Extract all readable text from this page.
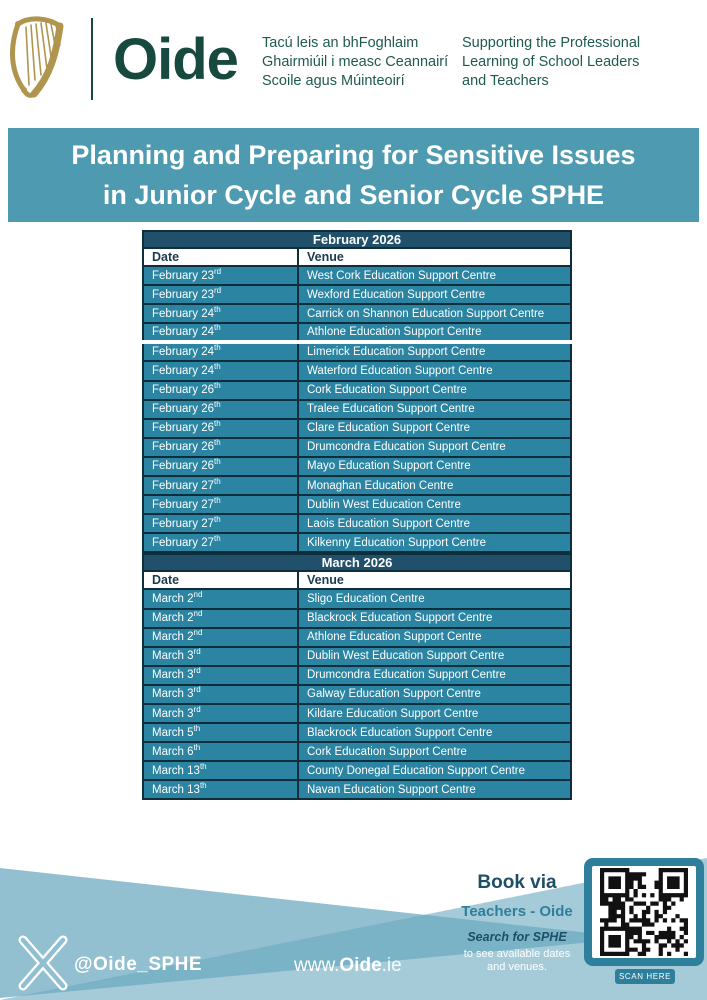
Oide	Tacú leis an bhFoghlaim
Ghairmiúil i measc Ceannairí
Scoile agus Múinteoirí
Supporting the Professional
Learning of School Leaders
and Teachers
Planning and Preparing for Sensitive Issues
in Junior Cycle and Senior Cycle SPHE
February 2026	
Date	Venue
February 23rd	West Cork Education Support Centre
February 23rd	Wexford Education Support Centre
February 24th	Carrick on Shannon Education Support Centre
February 24th	Athlone Education Support Centre
February 24th	Limerick Education Support Centre
February 24th	Waterford Education Support Centre
February 26th	Cork Education Support Centre
February 26th	Tralee Education Support Centre
February 26th	Clare Education Support Centre
February 26th	Drumcondra Education Support Centre
February 26th	Mayo Education Support Centre
February 27th	Monaghan Education Centre
February 27th	Dublin West Education Centre
February 27th	Laois Education Support Centre
February 27th	Kilkenny Education Support Centre
March 2026	
Date	Venue
March 2nd	Sligo Education Centre
March 2nd	Blackrock Education Support Centre
March 2nd	Athlone Education Support Centre
March 3rd	Dublin West Education Support Centre
March 3rd	Drumcondra Education Support Centre
March 3rd	Galway Education Support Centre
March 3rd	Kildare Education Support Centre
March 5th	Blackrock Education Support Centre
March 6th	Cork Education Support Centre
March 13th	County Donegal Education Support Centre
March 13th	Navan Education Support Centre
@Oide_SPHE	www.Oide.ie
Book via
Teachers - Oide
Search for SPHE
to see available dates
and venues.
SCAN HERE
